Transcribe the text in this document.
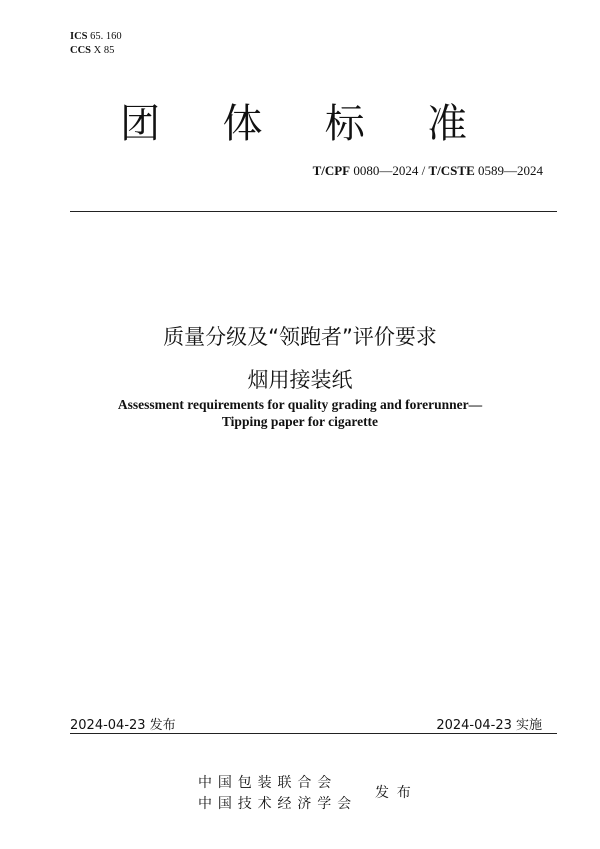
ICS 65. 160
CCS X 85
团 体 标 准
T/CPF 0080—2024 / T/CSTE 0589—2024
质量分级及“领跑者”评价要求
烟用接装纸
Assessment requirements for quality grading and forerunner—
Tipping paper for cigarette
2024-04-23 发布	2024-04-23 实施
中国包装联合会
中国技术经济学会
发布
